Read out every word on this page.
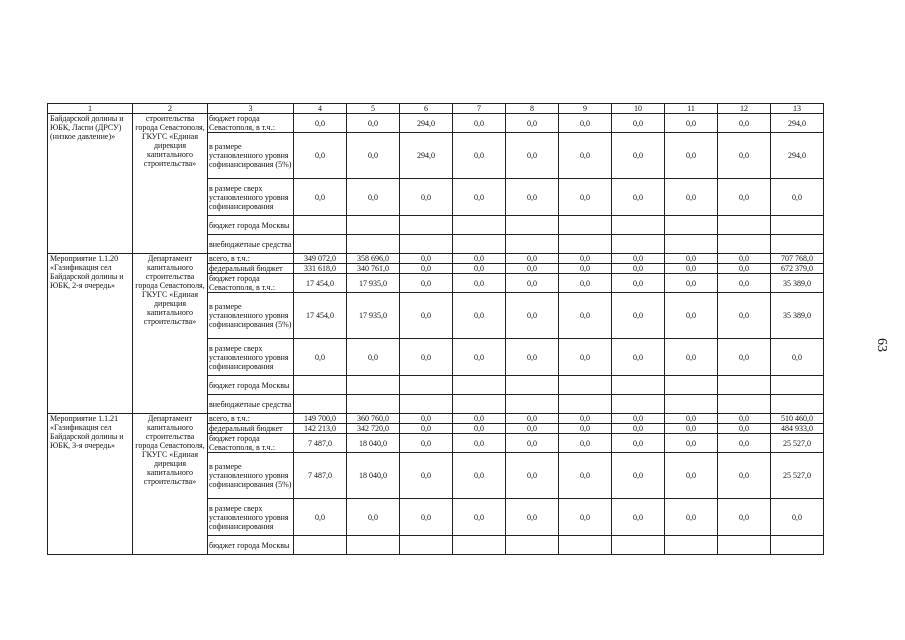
1	2	3	4	5	6	7	8	9	10	11	12	13
Байдарской долины и ЮБК, Ласпи (ДРСУ) (низкое давление)»	строительства города Севастополя, ГКУГС «Единая дирекция капитального строительства»	бюджет города Севастополя, в т.ч.:	0,0	0,0	294,0	0,0	0,0	0,0	0,0	0,0	0,0	294,0
		в размере установленного уровня софинансирования (5%)	0,0	0,0	294,0	0,0	0,0	0,0	0,0	0,0	0,0	294,0
		в размере сверх установленного уровня софинансирования	0,0	0,0	0,0	0,0	0,0	0,0	0,0	0,0	0,0	0,0
		бюджет города Москвы										
		внебюджетные средства										
Мероприятие 1.1.20 «Газификация сел Байдарской долины и ЮБК, 2-я очередь»	Департамент капитального строительства города Севастополя, ГКУГС «Единая дирекция капитального строительства»	всего, в т.ч.:	349 072,0	358 696,0	0,0	0,0	0,0	0,0	0,0	0,0	0,0	707 768,0
		федеральный бюджет	331 618,0	340 761,0	0,0	0,0	0,0	0,0	0,0	0,0	0,0	672 379,0
		бюджет города Севастополя, в т.ч.:	17 454,0	17 935,0	0,0	0,0	0,0	0,0	0,0	0,0	0,0	35 389,0
		в размере установленного уровня софинансирования (5%)	17 454,0	17 935,0	0,0	0,0	0,0	0,0	0,0	0,0	0,0	35 389,0
		в размере сверх установленного уровня софинансирования	0,0	0,0	0,0	0,0	0,0	0,0	0,0	0,0	0,0	0,0
		бюджет города Москвы										
		внебюджетные средства										
Мероприятие 1.1.21 «Газификация сел Байдарской долины и ЮБК, 3-я очередь»	Департамент капитального строительства города Севастополя, ГКУГС «Единая дирекция капитального строительства»	всего, в т.ч.:	149 700,0	360 760,0	0,0	0,0	0,0	0,0	0,0	0,0	0,0	510 460,0
		федеральный бюджет	142 213,0	342 720,0	0,0	0,0	0,0	0,0	0,0	0,0	0,0	484 933,0
		бюджет города Севастополя, в т.ч.:	7 487,0	18 040,0	0,0	0,0	0,0	0,0	0,0	0,0	0,0	25 527,0
		в размере установленного уровня софинансирования (5%)	7 487,0	18 040,0	0,0	0,0	0,0	0,0	0,0	0,0	0,0	25 527,0
		в размере сверх установленного уровня софинансирования	0,0	0,0	0,0	0,0	0,0	0,0	0,0	0,0	0,0	0,0
		бюджет города Москвы										
63
